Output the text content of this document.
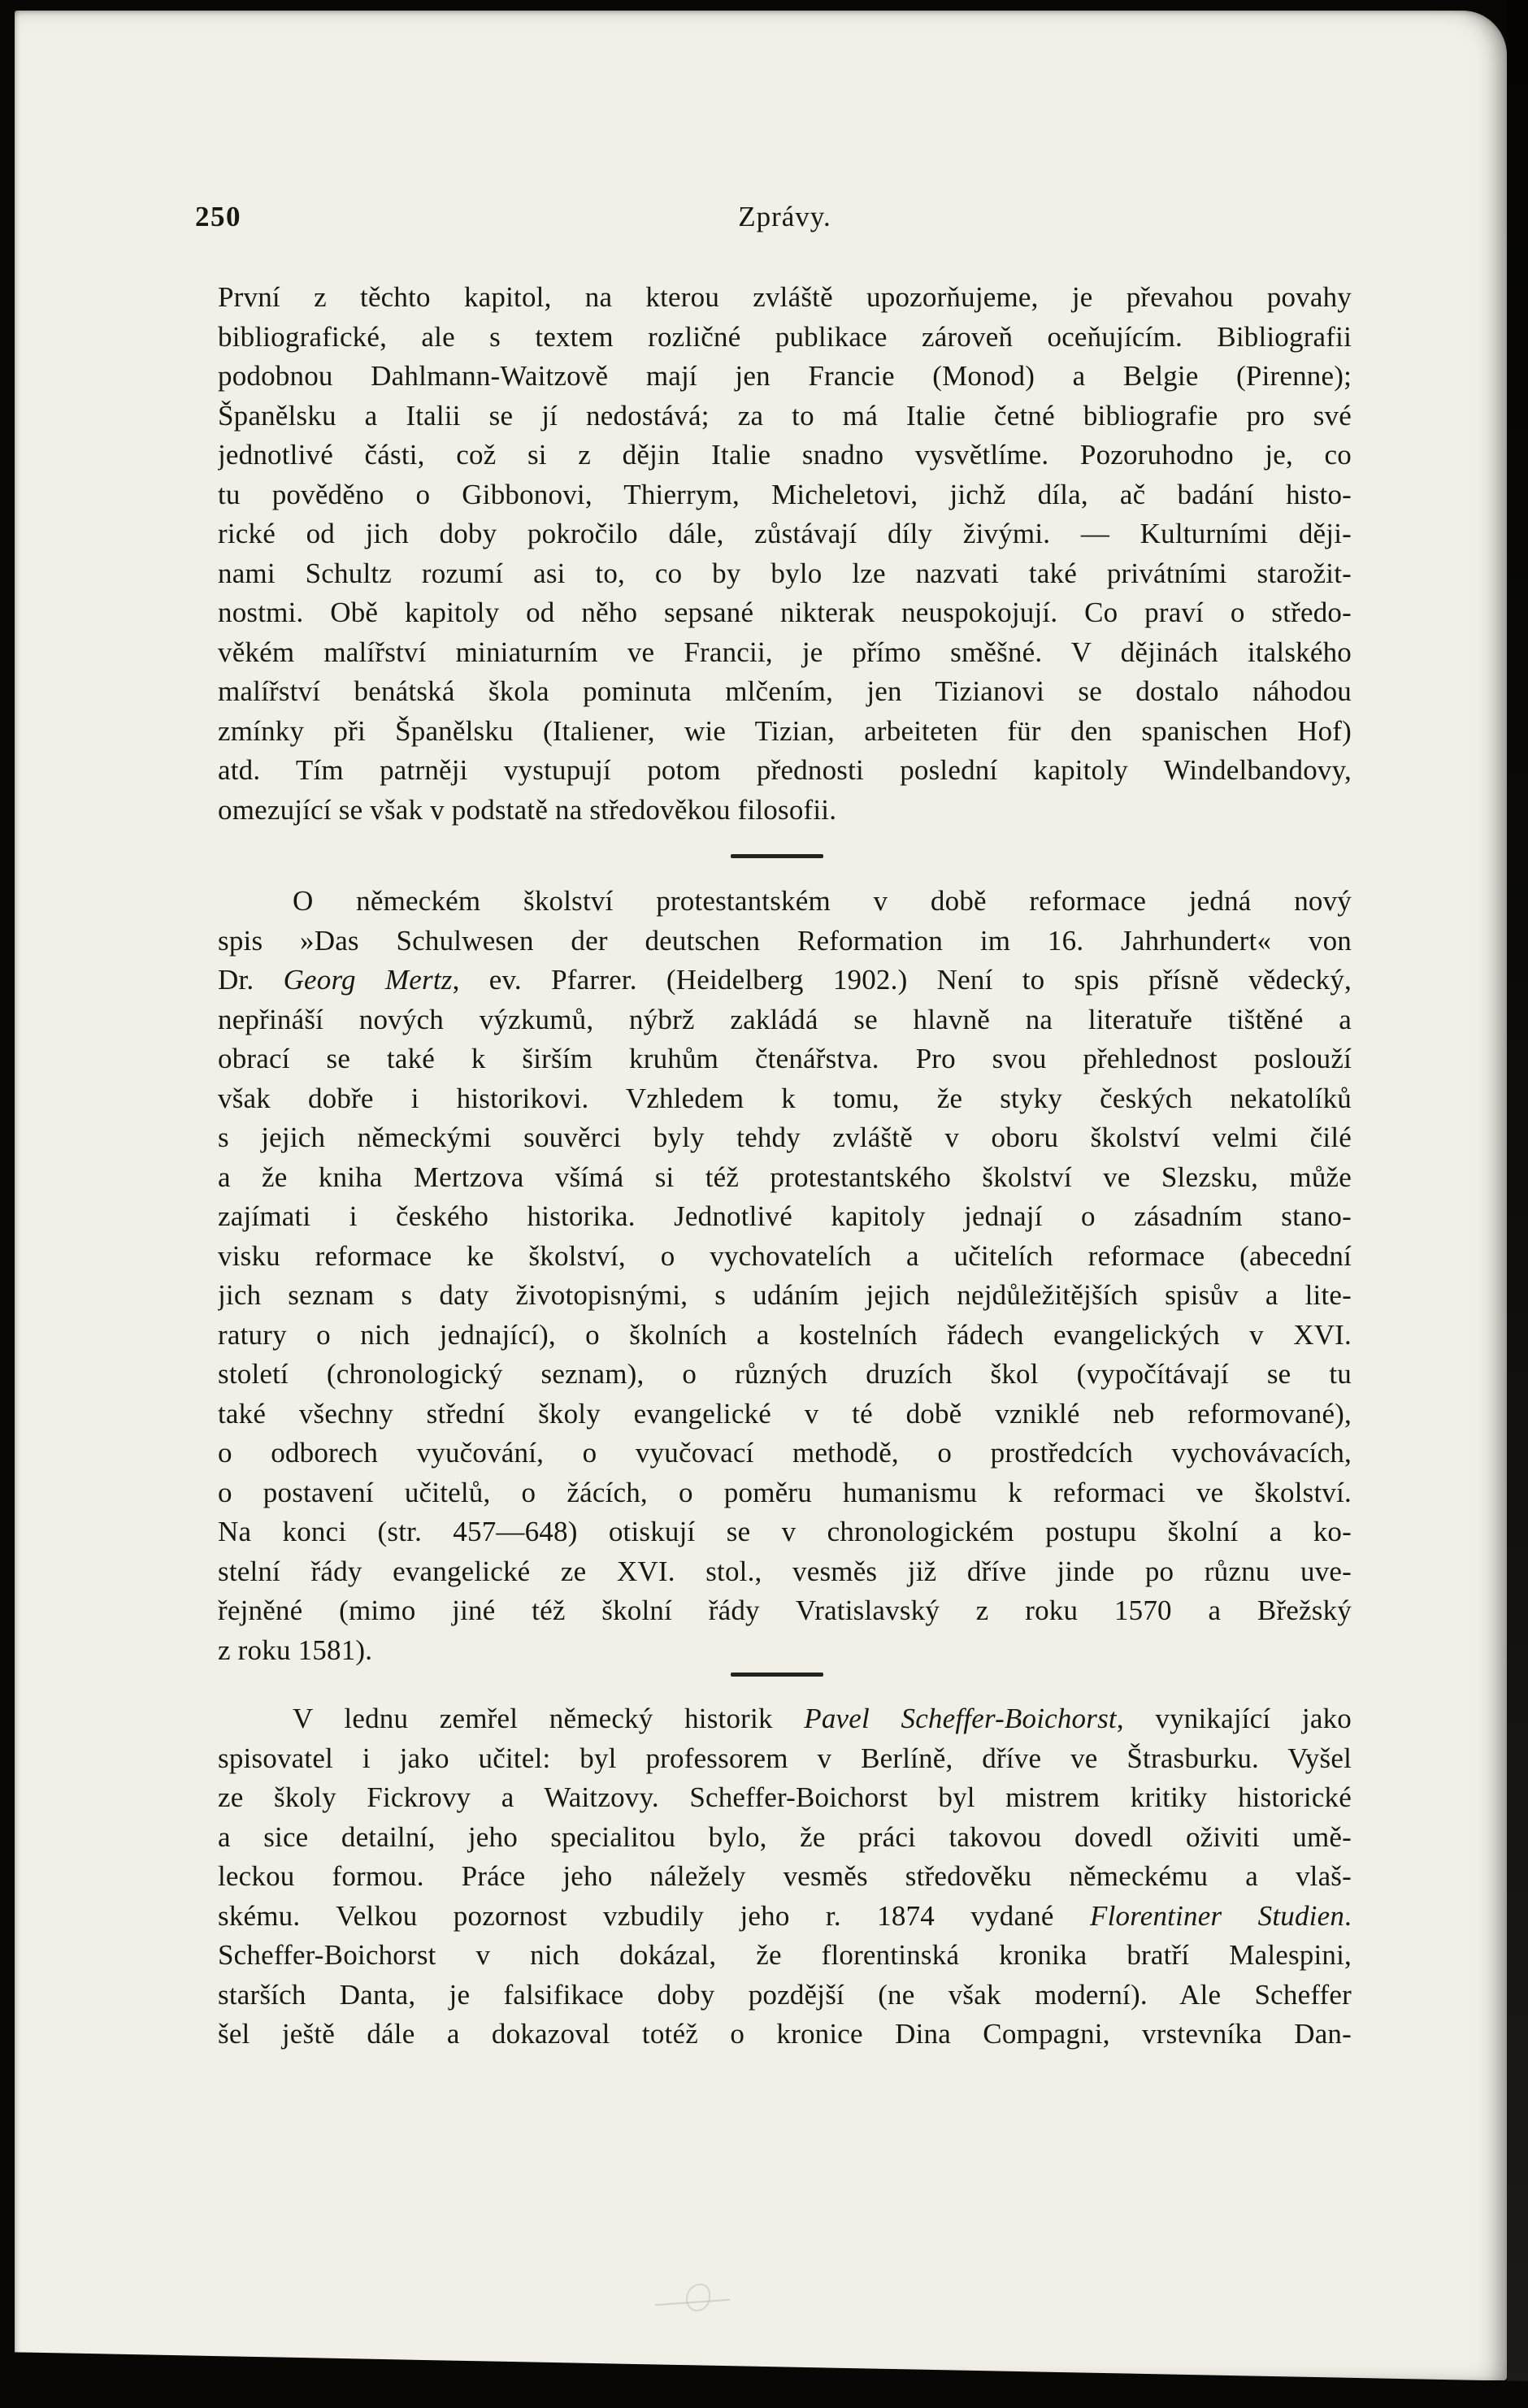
250	Zprávy.
První z těchto kapitol, na kterou zvláště upozorňujeme, je převahou povahy
bibliografické, ale s textem rozličné publikace zároveň oceňujícím. Bibliografii
podobnou Dahlmann-Waitzově mají jen Francie (Monod) a Belgie (Pirenne);
Španělsku a Italii se jí nedostává; za to má Italie četné bibliografie pro své
jednotlivé části, což si z dějin Italie snadno vysvětlíme. Pozoruhodno je, co
tu pověděno o Gibbonovi, Thierrym, Micheletovi, jichž díla, ač badání histo-
rické od jich doby pokročilo dále, zůstávají díly živými. — Kulturními ději-
nami Schultz rozumí asi to, co by bylo lze nazvati také privátními starožit-
nostmi. Obě kapitoly od něho sepsané nikterak neuspokojují. Co praví o středo-
věkém malířství miniaturním ve Francii, je přímo směšné. V dějinách italského
malířství benátská škola pominuta mlčením, jen Tizianovi se dostalo náhodou
zmínky při Španělsku (Italiener, wie Tizian, arbeiteten für den spanischen Hof)
atd. Tím patrněji vystupují potom přednosti poslední kapitoly Windelbandovy,
omezující se však v podstatě na středověkou filosofii.
O německém školství protestantském v době reformace jedná nový
spis »Das Schulwesen der deutschen Reformation im 16. Jahrhundert« von
Dr. Georg Mertz, ev. Pfarrer. (Heidelberg 1902.) Není to spis přísně vědecký,
nepřináší nových výzkumů, nýbrž zakládá se hlavně na literatuře tištěné a
obrací se také k širším kruhům čtenářstva. Pro svou přehlednost poslouží
však dobře i historikovi. Vzhledem k tomu, že styky českých nekatolíků
s jejich německými souvěrci byly tehdy zvláště v oboru školství velmi čilé
a že kniha Mertzova všímá si též protestantského školství ve Slezsku, může
zajímati i českého historika. Jednotlivé kapitoly jednají o zásadním stano-
visku reformace ke školství, o vychovatelích a učitelích reformace (abecední
jich seznam s daty životopisnými, s udáním jejich nejdůležitějších spisův a lite-
ratury o nich jednající), o školních a kostelních řádech evangelických v XVI.
století (chronologický seznam), o různých druzích škol (vypočítávají se tu
také všechny střední školy evangelické v té době vzniklé neb reformované),
o odborech vyučování, o vyučovací methodě, o prostředcích vychovávacích,
o postavení učitelů, o žácích, o poměru humanismu k reformaci ve školství.
Na konci (str. 457—648) otiskují se v chronologickém postupu školní a ko-
stelní řády evangelické ze XVI. stol., vesměs již dříve jinde po různu uve-
řejněné (mimo jiné též školní řády Vratislavský z roku 1570 a Břežský
z roku 1581).
V lednu zemřel německý historik Pavel Scheffer-Boichorst, vynikající jako
spisovatel i jako učitel: byl professorem v Berlíně, dříve ve Štrasburku. Vyšel
ze školy Fickrovy a Waitzovy. Scheffer-Boichorst byl mistrem kritiky historické
a sice detailní, jeho specialitou bylo, že práci takovou dovedl oživiti umě-
leckou formou. Práce jeho náležely vesměs středověku německému a vlaš-
skému. Velkou pozornost vzbudily jeho r. 1874 vydané Florentiner Studien.
Scheffer-Boichorst v nich dokázal, že florentinská kronika bratří Malespini,
starších Danta, je falsifikace doby pozdější (ne však moderní). Ale Scheffer
šel ještě dále a dokazoval totéž o kronice Dina Compagni, vrstevníka Dan-
